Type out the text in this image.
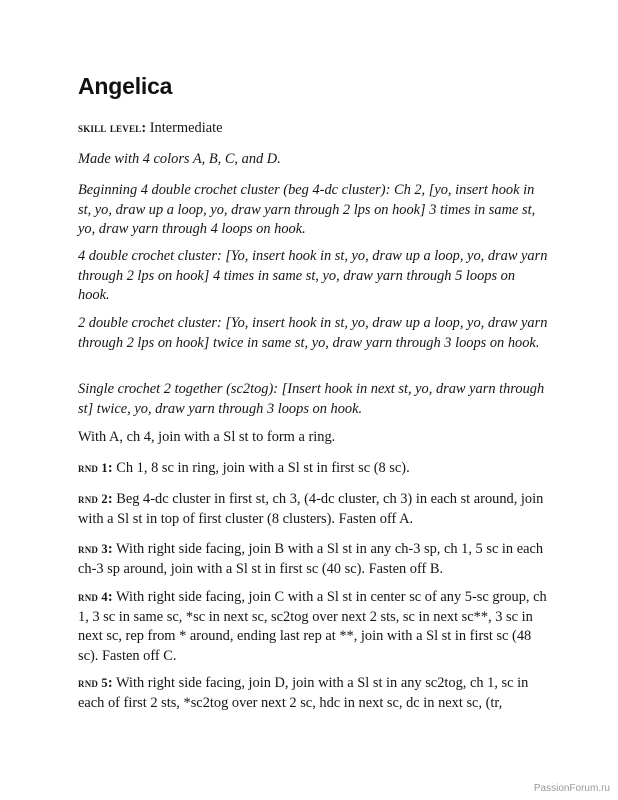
Angelica

skill level: Intermediate

Made with 4 colors A, B, C, and D.

Beginning 4 double crochet cluster (beg 4-dc cluster): Ch 2, [yo, insert hook in st, yo, draw up a loop, yo, draw yarn through 2 lps on hook] 3 times in same st, yo, draw yarn through 4 loops on hook.

4 double crochet cluster: [Yo, insert hook in st, yo, draw up a loop, yo, draw yarn through 2 lps on hook] 4 times in same st, yo, draw yarn through 5 loops on hook.

2 double crochet cluster: [Yo, insert hook in st, yo, draw up a loop, yo, draw yarn through 2 lps on hook] twice in same st, yo, draw yarn through 3 loops on hook.

Single crochet 2 together (sc2tog): [Insert hook in next st, yo, draw yarn through st] twice, yo, draw yarn through 3 loops on hook.

With A, ch 4, join with a Sl st to form a ring.

rnd 1: Ch 1, 8 sc in ring, join with a Sl st in first sc (8 sc).

rnd 2: Beg 4-dc cluster in first st, ch 3, (4-dc cluster, ch 3) in each st around, join with a Sl st in top of first cluster (8 clusters). Fasten off A.

rnd 3: With right side facing, join B with a Sl st in any ch-3 sp, ch 1, 5 sc in each ch-3 sp around, join with a Sl st in first sc (40 sc). Fasten off B.

rnd 4: With right side facing, join C with a Sl st in center sc of any 5-sc group, ch 1, 3 sc in same sc, *sc in next sc, sc2tog over next 2 sts, sc in next sc**, 3 sc in next sc, rep from * around, ending last rep at **, join with a Sl st in first sc (48 sc). Fasten off C.

rnd 5: With right side facing, join D, join with a Sl st in any sc2tog, ch 1, sc in each of first 2 sts, *sc2tog over next 2 sc, hdc in next sc, dc in next sc, (tr,

PassionForum.ru
